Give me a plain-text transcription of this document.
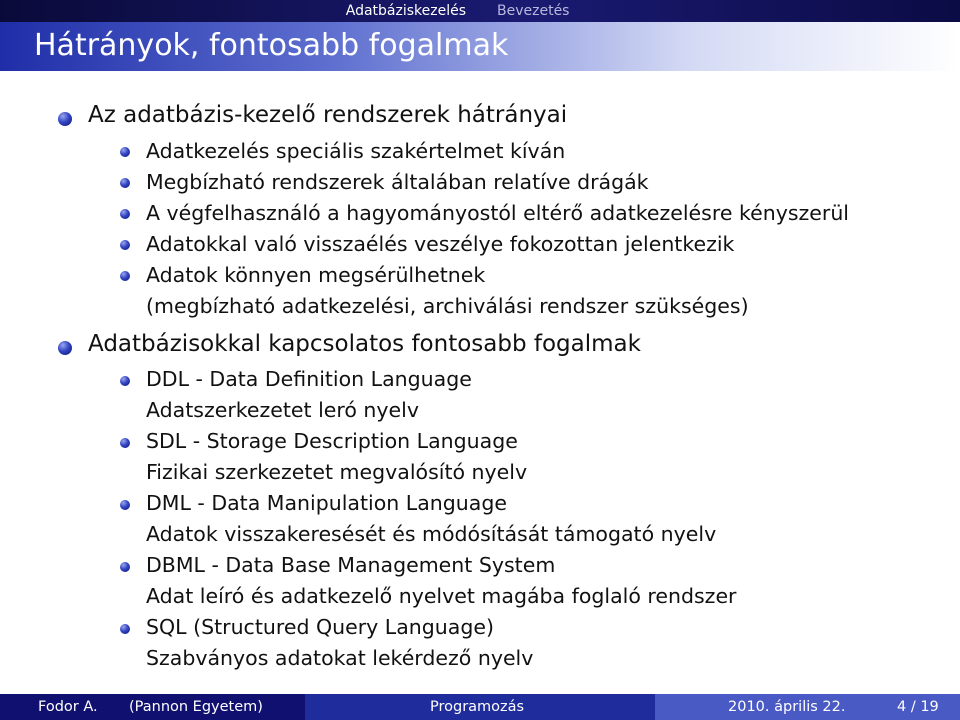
Adatbáziskezelés Bevezetés
Hátrányok, fontosabb fogalmak
Az adatbázis-kezelő rendszerek hátrányai
Adatkezelés speciális szakértelmet kíván
Megbízható rendszerek általában relatíve drágák
A végfelhasználó a hagyományostól eltérő adatkezelésre kényszerül
Adatokkal való visszaélés veszélye fokozottan jelentkezik
Adatok könnyen megsérülhetnek
(megbízható adatkezelési, archiválási rendszer szükséges)
Adatbázisokkal kapcsolatos fontosabb fogalmak
DDL - Data Definition Language
Adatszerkezetet leró nyelv
SDL - Storage Description Language
Fizikai szerkezetet megvalósító nyelv
DML - Data Manipulation Language
Adatok visszakeresését és módósítását támogató nyelv
DBML - Data Base Management System
Adat leíró és adatkezelő nyelvet magába foglaló rendszer
SQL (Structured Query Language)
Szabványos adatokat lekérdező nyelv
Fodor A. (Pannon Egyetem)	Programozás	2010. április 22.	4 / 19
